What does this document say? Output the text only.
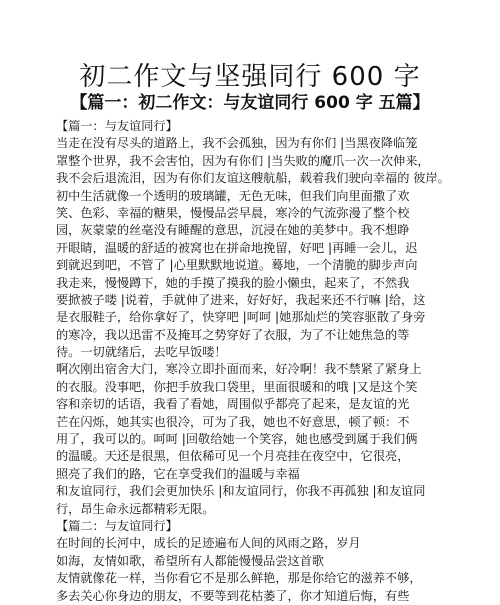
初二作文与坚强同行 600 字
【篇一：初二作文：与友谊同行 600 字 五篇】
【篇一：与友谊同行】
当走在没有尽头的道路上，我不会孤独，因为有你们 |当黑夜降临笼
罩整个世界，我不会害怕，因为有你们 |当失败的魔爪一次一次伸来，
我不会后退流泪，因为有你们友谊这艘航船，载着我们驶向幸福的 彼岸。
初中生活就像一个透明的玻璃罐，无色无味，但我们向里面撒了欢
笑、色彩、幸福的糖果，慢慢品尝早晨，寒冷的气流弥漫了整个校
园，灰蒙蒙的丝毫没有睡醒的意思，沉浸在她的美梦中。我不想睁
开眼睛，温暖的舒适的被窝也在拼命地挽留，好吧 |再睡一会儿，迟
到就迟到吧，不管了 |心里默默地说道。蓦地，一个清脆的脚步声向
我走来，慢慢蹲下，她的手摸了摸我的脸小懒虫，起来了，不然我
要掀被子喽 |说着，手就伸了进来，好好好，我起来还不行嘛 |给，这
是衣服鞋子，给你拿好了，快穿吧 |呵呵 |她那灿烂的笑容驱散了身旁
的寒冷，我以迅雷不及掩耳之势穿好了衣服，为了不让她焦急的等
待。一切就绪后，去吃早饭喽！
啊次刚出宿舍大门，寒冷立即扑面而来，好冷啊！我不禁紧了紧身上
的衣服。没事吧，你把手放我口袋里，里面很暖和的哦 |又是这个笑
容和亲切的话语，我看了看她，周围似乎都亮了起来，是友谊的光
芒在闪烁，她其实也很冷，可为了我，她也不好意思，顿了顿：不
用了，我可以的。呵呵 |回敬给她一个笑容，她也感受到属于我们俩
的温暖。天还是很黑，但依稀可见一个月亮挂在夜空中，它很亮，
照亮了我们的路，它在享受我们的温暖与幸福
和友谊同行，我们会更加快乐 |和友谊同行，你我不再孤独 |和友谊同
行，昂生命永远都精彩无限。
【篇二：与友谊同行】
在时间的长河中，成长的足迹遍布人间的风雨之路，岁月
如海，友情如歌，希望所有人都能慢慢品尝这首歌
友情就像花一样，当你看它不是那么鲜艳，那是你给它的滋养不够，
多去关心你身边的朋友，不要等到花枯萎了，你才知道后悔，有些
